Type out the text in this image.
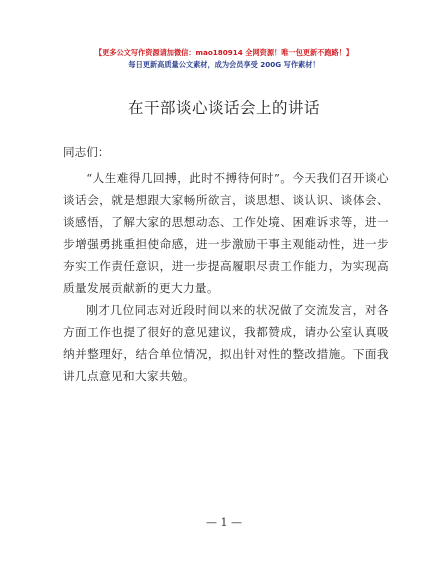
【更多公文写作资源请加微信：mao180914 全网资源！唯一包更新不跑路！】
每日更新高质量公文素材，成为会员享受 200G 写作素材！
在干部谈心谈话会上的讲话

同志们：

“人生难得几回搏，此时不搏待何时”。今天我们召开谈心谈话会，就是想跟大家畅所欲言，谈思想、谈认识、谈体会、谈感悟，了解大家的思想动态、工作处境、困难诉求等，进一步增强勇挑重担使命感，进一步激励干事主观能动性，进一步夯实工作责任意识，进一步提高履职尽责工作能力，为实现高质量发展贡献新的更大力量。

刚才几位同志对近段时间以来的状况做了交流发言，对各方面工作也提了很好的意见建议，我都赞成，请办公室认真吸纳并整理好，结合单位情况，拟出针对性的整改措施。下面我讲几点意见和大家共勉。

— 1 —
